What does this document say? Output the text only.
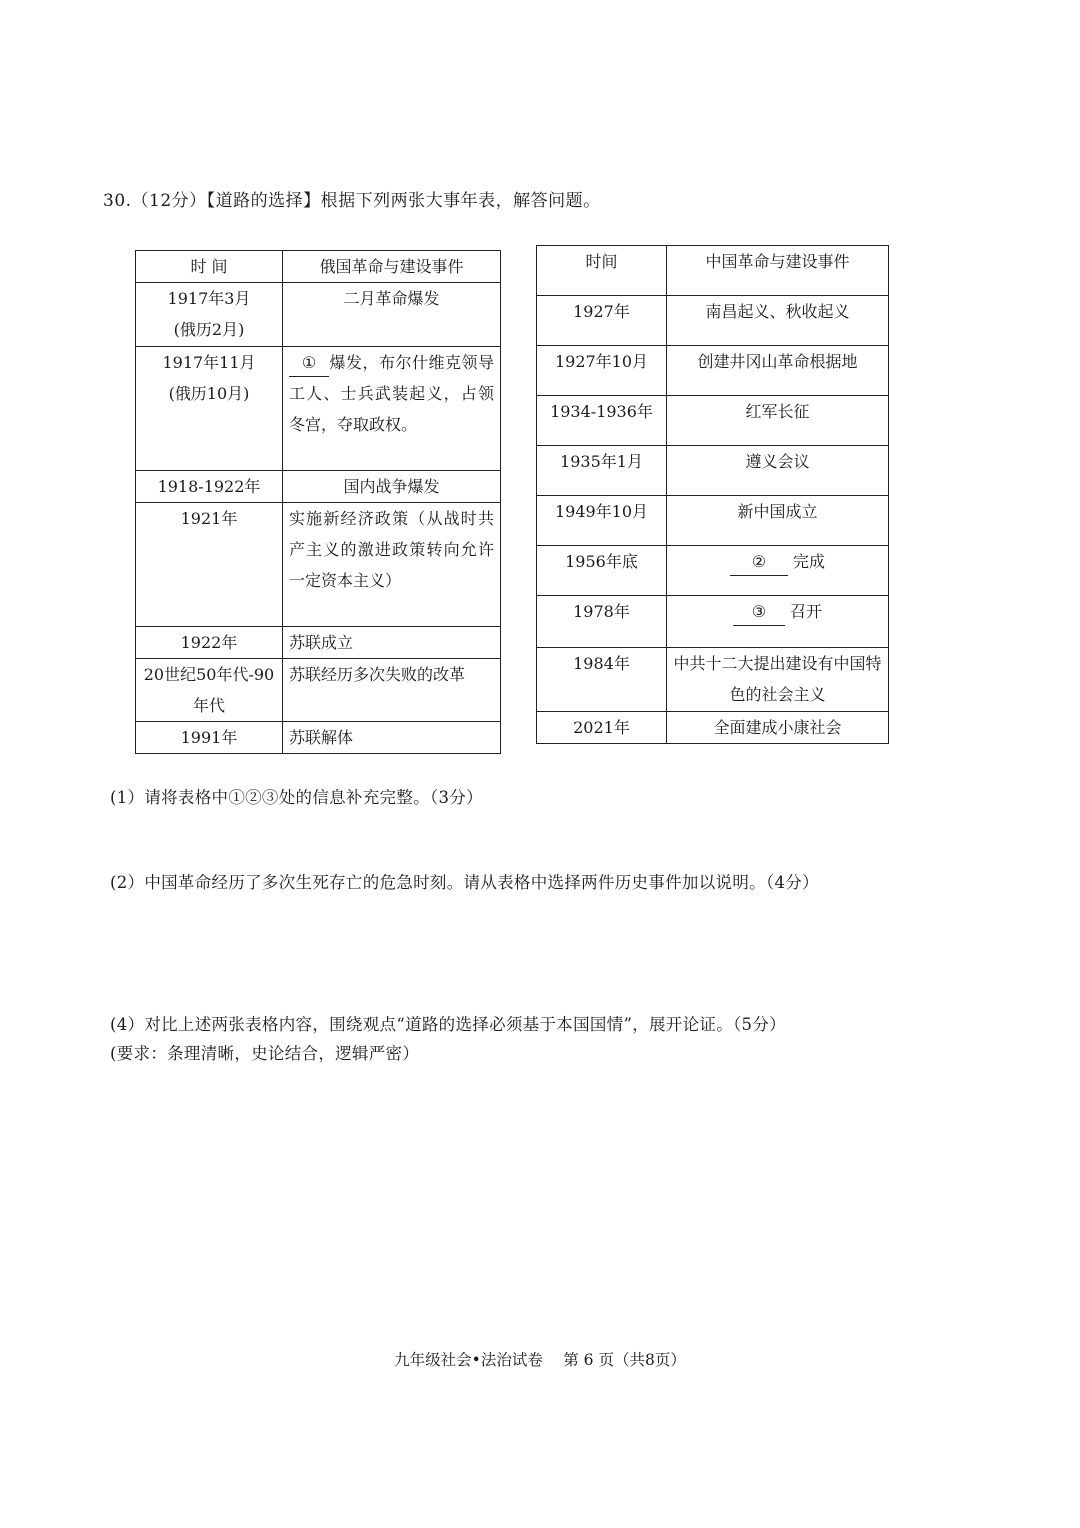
30.（12分）【道路的选择】根据下列两张大事年表，解答问题。
时 间	俄国革命与建设事件
1917年3月
(俄历2月)	二月革命爆发
1917年11月
(俄历10月)	① 爆发，布尔什维克领导工人、士兵武装起义，占领冬宫，夺取政权。
1918-1922年	国内战争爆发
1921年	实施新经济政策（从战时共产主义的激进政策转向允许一定资本主义）
1922年	苏联成立
20世纪50年代-90年代	苏联经历多次失败的改革
1991年	苏联解体
时间	中国革命与建设事件
1927年	南昌起义、秋收起义
1927年10月	创建井冈山革命根据地
1934-1936年	红军长征
1935年1月	遵义会议
1949年10月	新中国成立
1956年底	② 完成
1978年	③ 召开
1984年	中共十二大提出建设有中国特色的社会主义
2021年	全面建成小康社会
(1）请将表格中①②③处的信息补充完整。（3分）
(2）中国革命经历了多次生死存亡的危急时刻。请从表格中选择两件历史事件加以说明。（4分）
(4）对比上述两张表格内容，围绕观点“道路的选择必须基于本国国情”，展开论证。（5分）
(要求：条理清晰，史论结合，逻辑严密）
九年级社会•法治试卷　 第 6 页（共8页）
